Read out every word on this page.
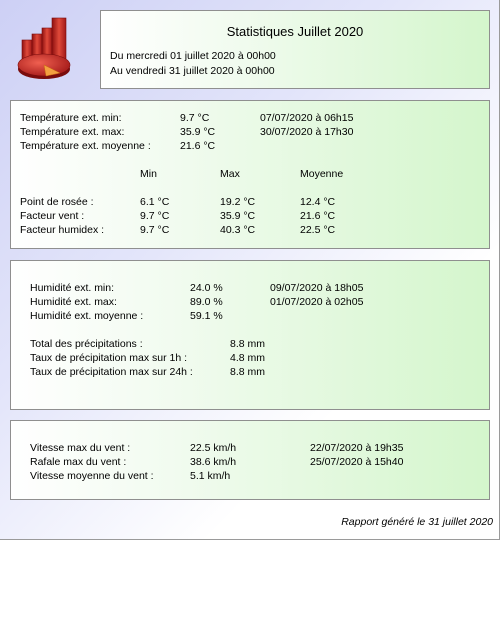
Statistiques Juillet 2020
Du mercredi 01 juillet 2020 à 00h00
Au vendredi 31 juillet 2020 à 00h00
Température ext. min:	9.7 °C	07/07/2020 à 06h15
Température ext. max:	35.9 °C	30/07/2020 à 17h30
Température ext. moyenne :	21.6 °C
Min	Max	Moyenne
Point de rosée :	6.1 °C	19.2 °C	12.4 °C
Facteur vent :	9.7 °C	35.9 °C	21.6 °C
Facteur humidex :	9.7 °C	40.3 °C	22.5 °C
Humidité ext. min:	24.0 %	09/07/2020 à 18h05
Humidité ext. max:	89.0 %	01/07/2020 à 02h05
Humidité ext. moyenne :	59.1 %
Total des précipitations :	8.8 mm
Taux de précipitation max sur 1h :	4.8 mm
Taux de précipitation max sur 24h :	8.8 mm
Vitesse max du vent :	22.5 km/h	22/07/2020 à 19h35
Rafale max du vent :	38.6 km/h	25/07/2020 à 15h40
Vitesse moyenne du vent :	5.1 km/h
Rapport généré le 31 juillet 2020
